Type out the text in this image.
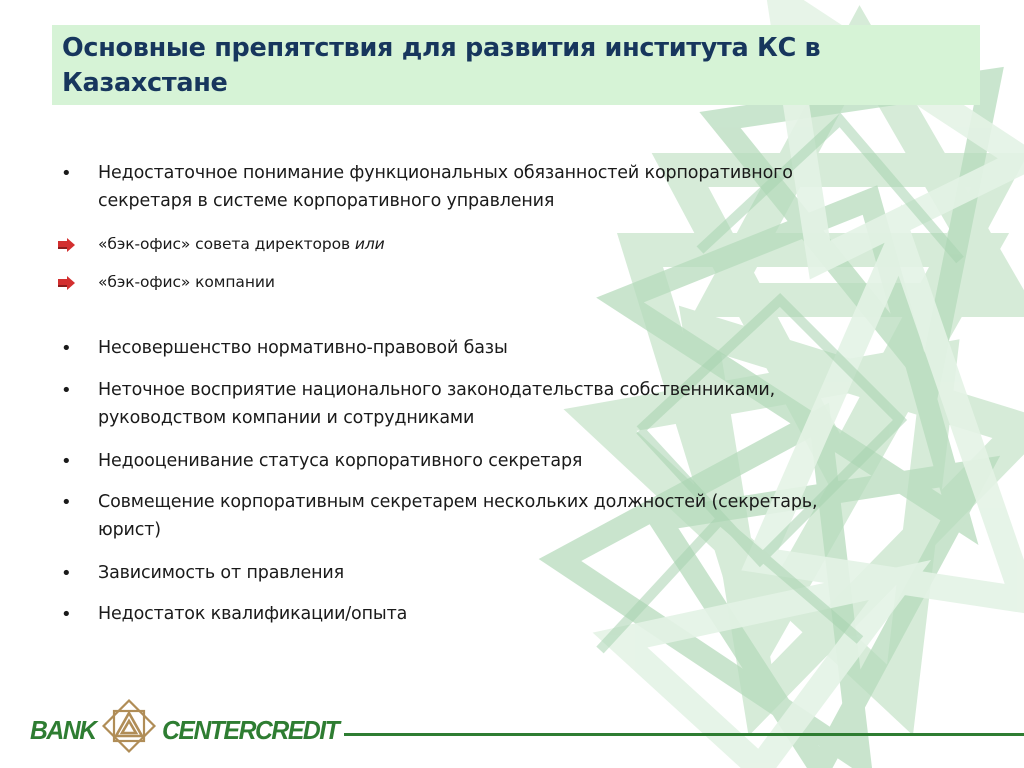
Основные препятствия для развития института КС в Казахстане
• Недостаточное понимание функциональных обязанностей корпоративного
секретаря в системе корпоративного управления
«бэк-офис» совета директоров или
«бэк-офис» компании
• Несовершенство нормативно-правовой базы
• Неточное восприятие национального законодательства собственниками,
руководством компании и сотрудниками
• Недооценивание статуса корпоративного секретаря
• Совмещение корпоративным секретарем нескольких должностей (секретарь,
юрист)
• Зависимость от правления
• Недостаток квалификации/опыта
BANK	CENTERCREDIT
